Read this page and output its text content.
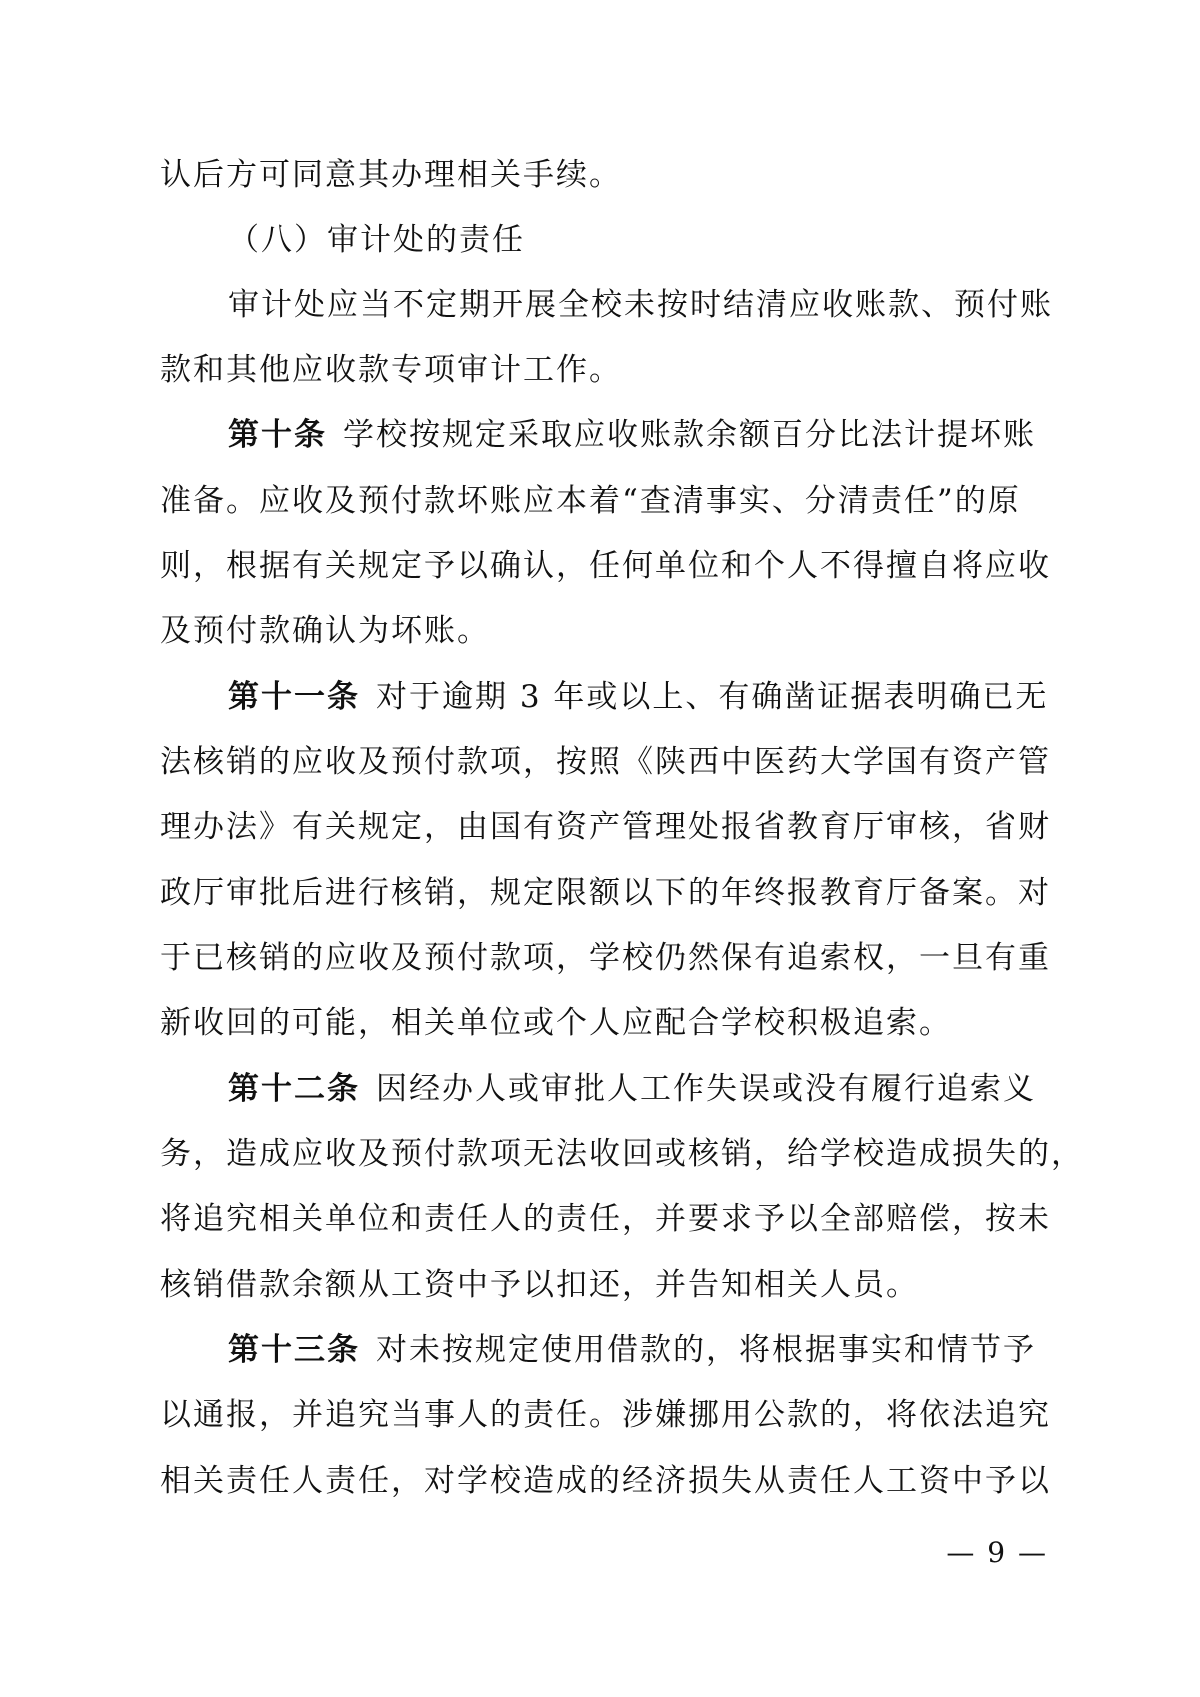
认后方可同意其办理相关手续。
（八）审计处的责任
审计处应当不定期开展全校未按时结清应收账款、预付账
款和其他应收款专项审计工作。
第十条 学校按规定采取应收账款余额百分比法计提坏账
准备。应收及预付款坏账应本着“查清事实、分清责任”的原
则，根据有关规定予以确认，任何单位和个人不得擅自将应收
及预付款确认为坏账。
第十一条 对于逾期 3 年或以上、有确凿证据表明确已无
法核销的应收及预付款项，按照《陕西中医药大学国有资产管
理办法》有关规定，由国有资产管理处报省教育厅审核，省财
政厅审批后进行核销，规定限额以下的年终报教育厅备案。对
于已核销的应收及预付款项，学校仍然保有追索权，一旦有重
新收回的可能，相关单位或个人应配合学校积极追索。
第十二条 因经办人或审批人工作失误或没有履行追索义
务，造成应收及预付款项无法收回或核销，给学校造成损失的，
将追究相关单位和责任人的责任，并要求予以全部赔偿，按未
核销借款余额从工资中予以扣还，并告知相关人员。
第十三条 对未按规定使用借款的，将根据事实和情节予
以通报，并追究当事人的责任。涉嫌挪用公款的，将依法追究
相关责任人责任，对学校造成的经济损失从责任人工资中予以
— 9 —
